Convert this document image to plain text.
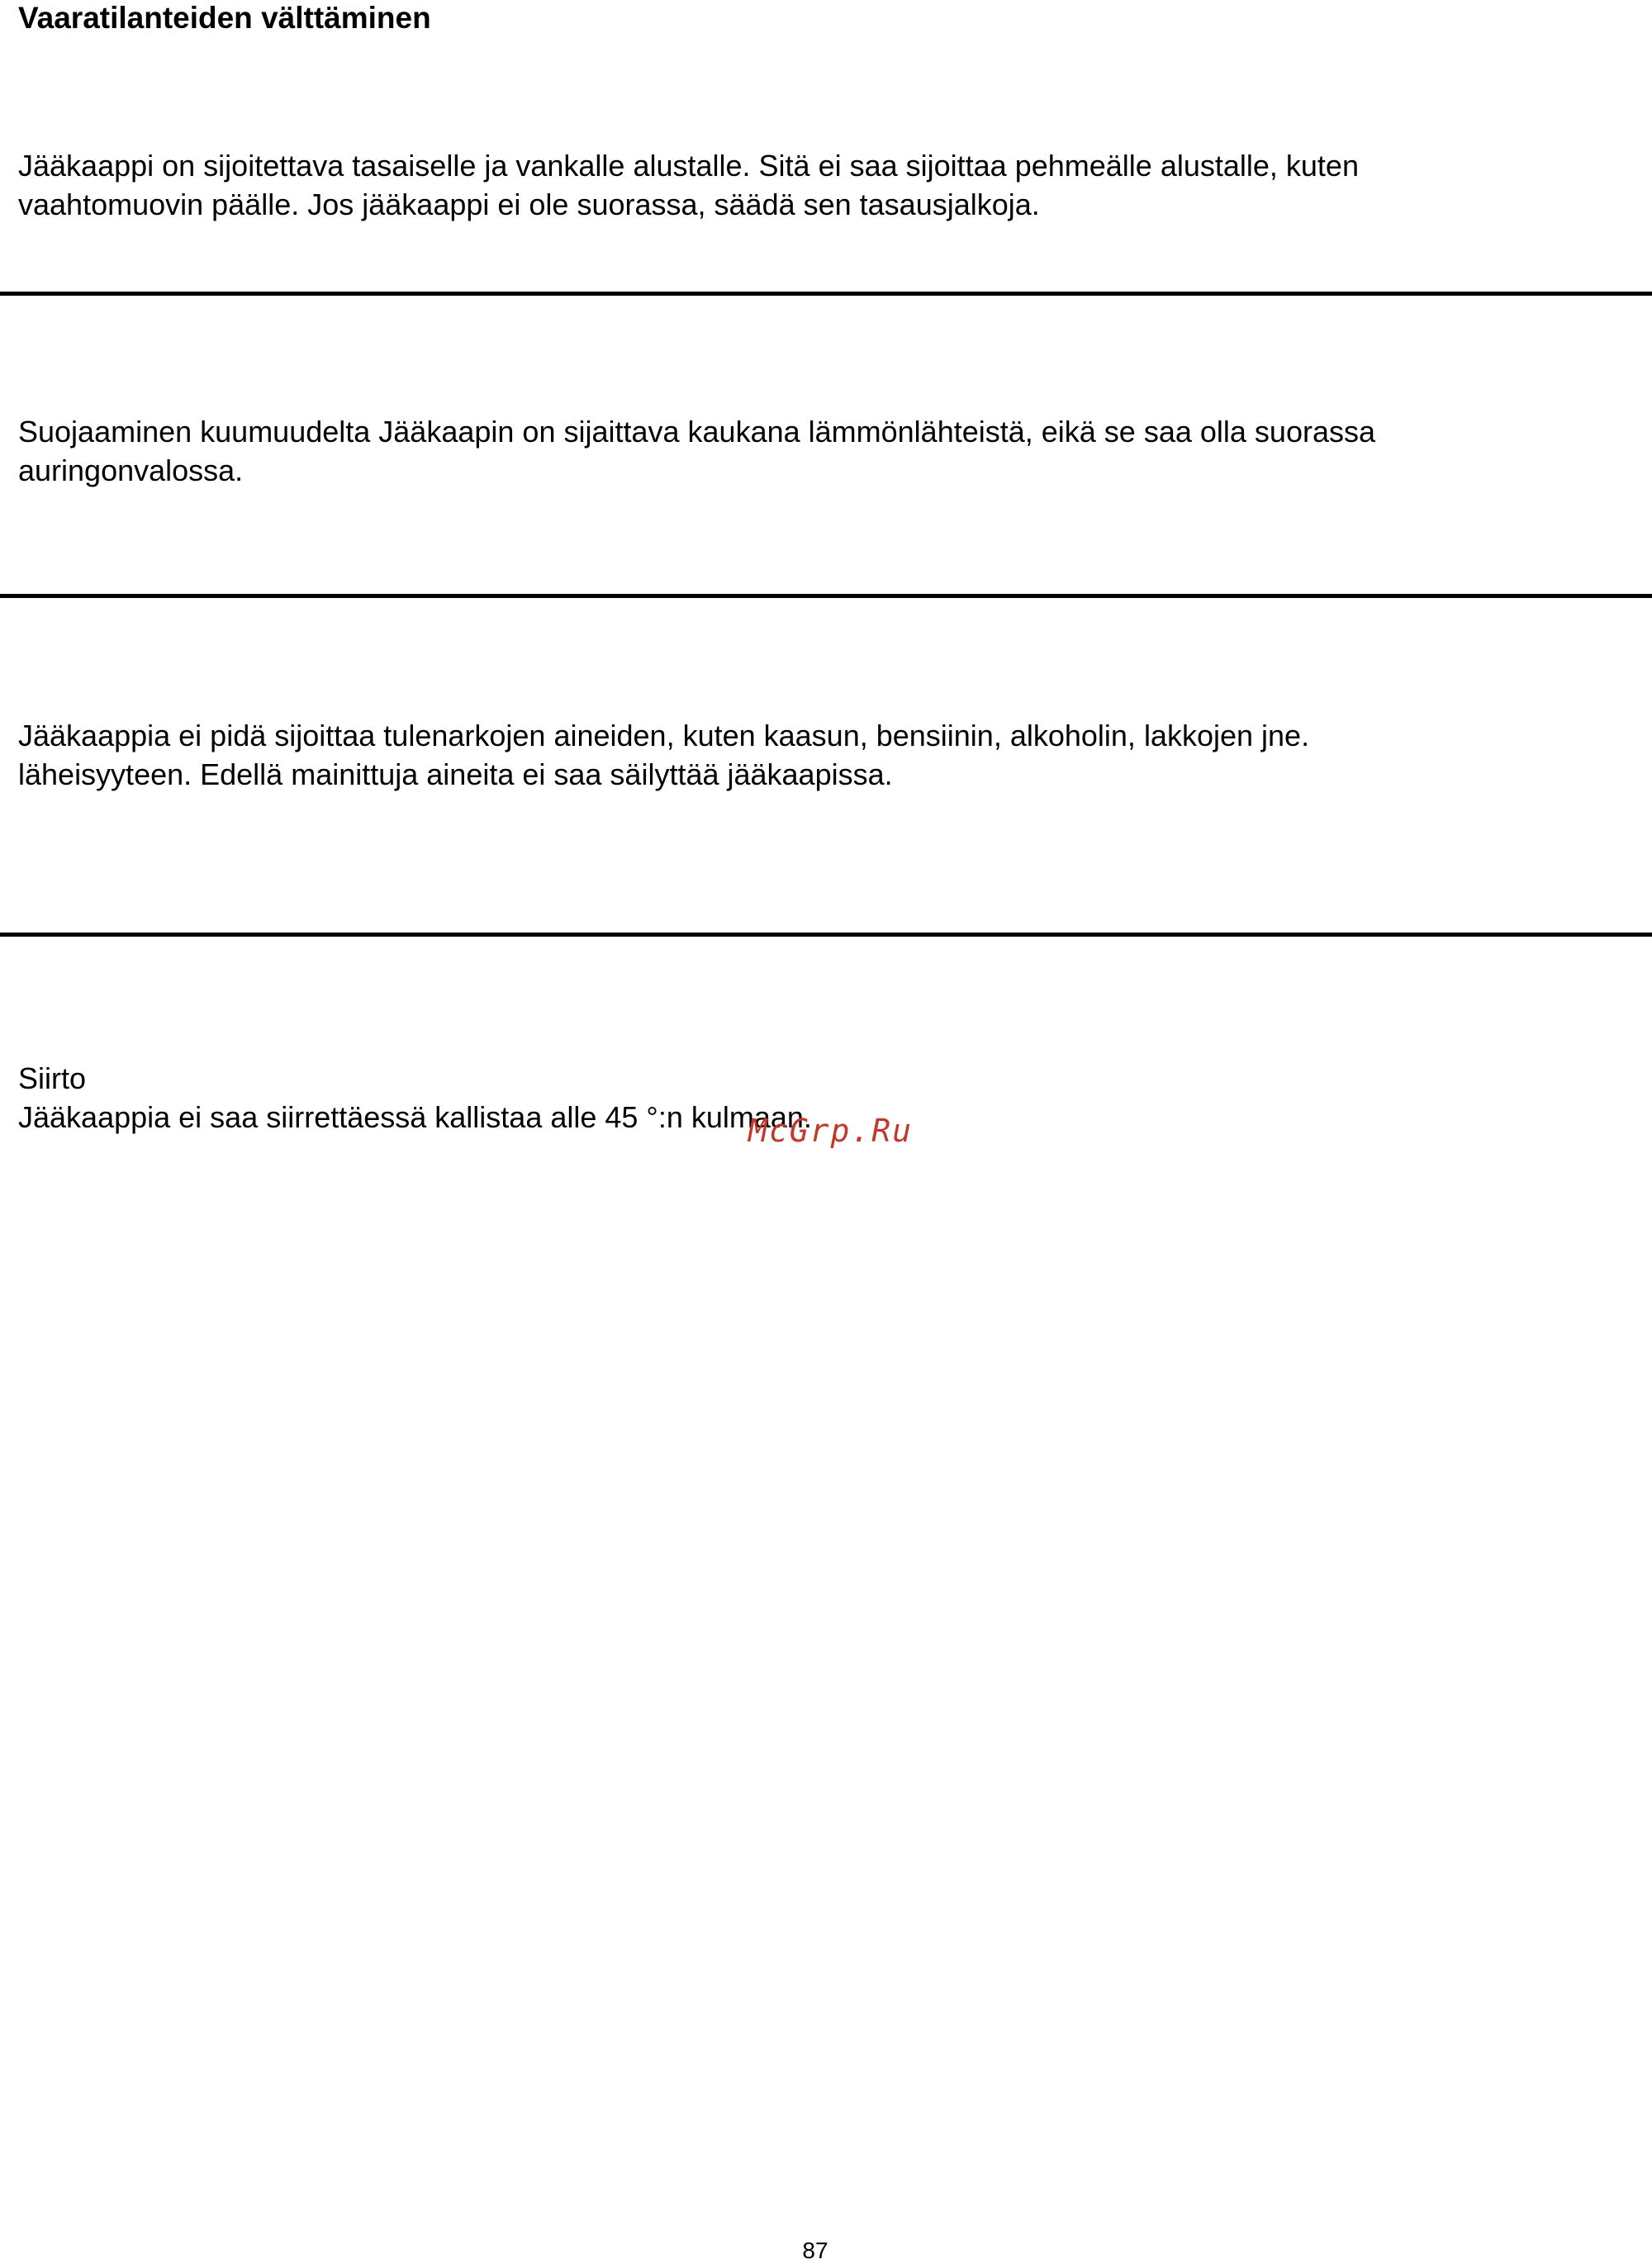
Vaaratilanteiden välttäminen
Jääkaappi on sijoitettava tasaiselle ja vankalle alustalle. Sitä ei saa sijoittaa pehmeälle alustalle, kuten
vaahtomuovin päälle. Jos jääkaappi ei ole suorassa, säädä sen tasausjalkoja.
Suojaaminen kuumuudelta Jääkaapin on sijaittava kaukana lämmönlähteistä, eikä se saa olla suorassa
auringonvalossa.
Jääkaappia ei pidä sijoittaa tulenarkojen aineiden, kuten kaasun, bensiinin, alkoholin, lakkojen jne.
läheisyyteen. Edellä mainittuja aineita ei saa säilyttää jääkaapissa.
Siirto
Jääkaappia ei saa siirrettäessä kallistaa alle 45 °:n kulmaan.
McGrp.Ru
87
